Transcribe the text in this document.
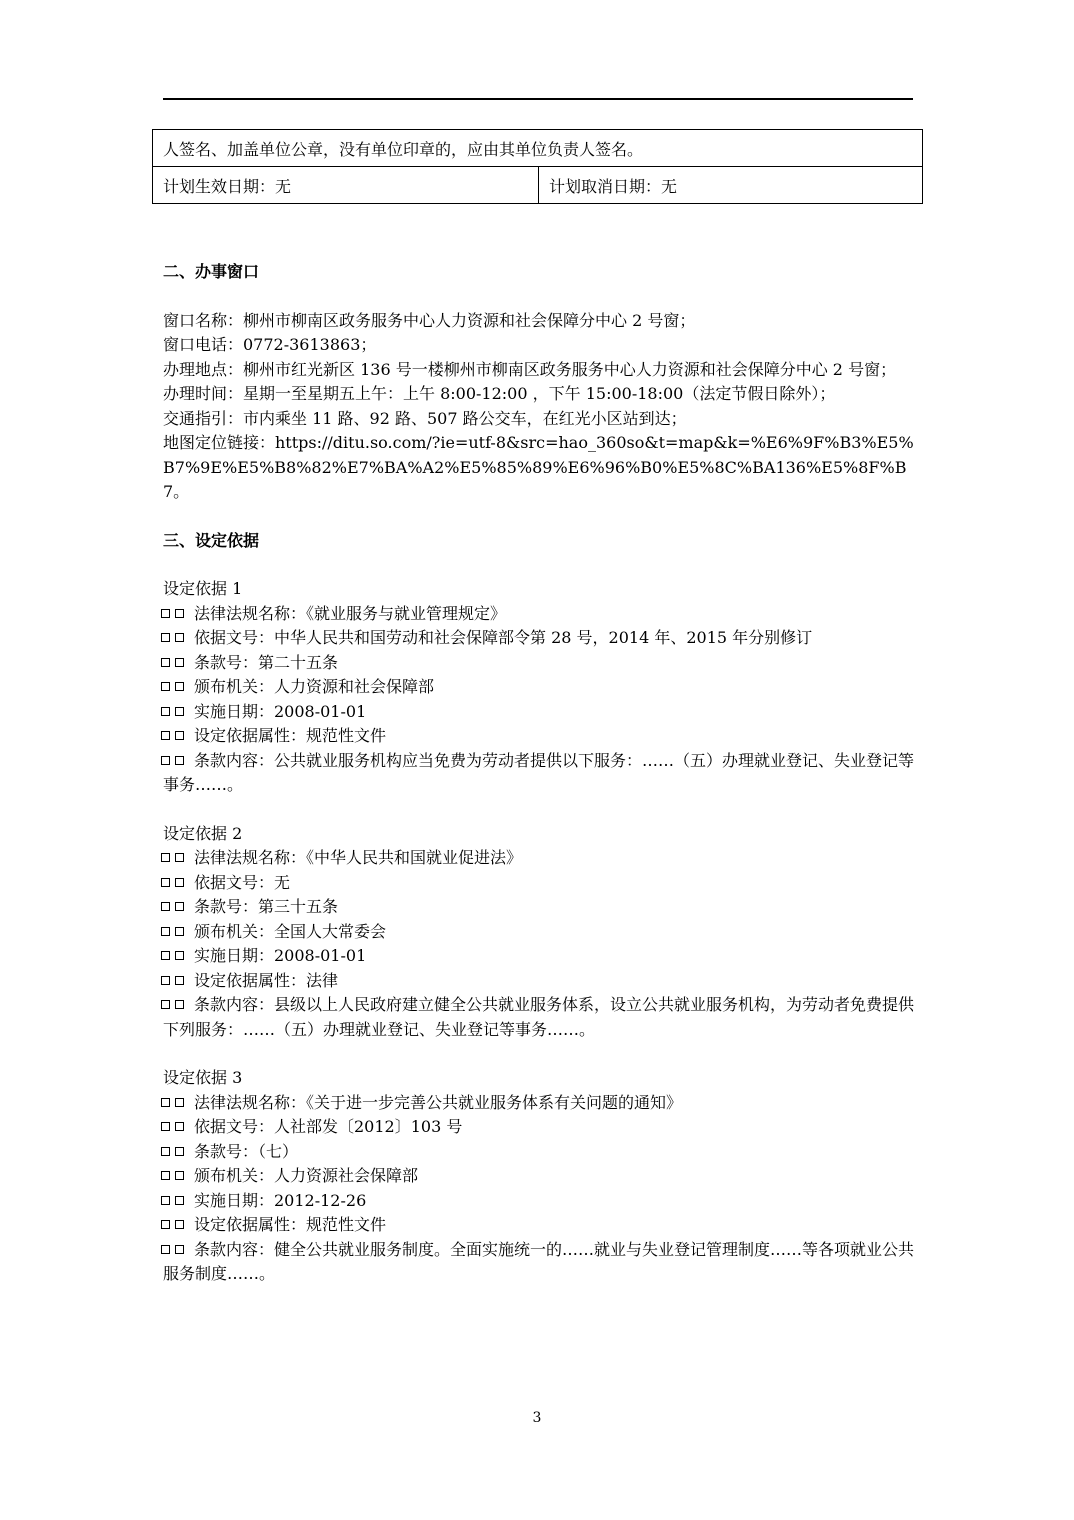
人签名、加盖单位公章，没有单位印章的，应由其单位负责人签名。
计划生效日期：无	计划取消日期：无

二、办事窗口

窗口名称：柳州市柳南区政务服务中心人力资源和社会保障分中心 2 号窗；

窗口电话：0772-3613863；

办理地点：柳州市红光新区 136 号一楼柳州市柳南区政务服务中心人力资源和社会保障分中心 2 号窗；

办理时间：星期一至星期五上午：上午 8:00-12:00 ，下午 15:00-18:00（法定节假日除外）；

交通指引：市内乘坐 11 路、92 路、507 路公交车，在红光小区站到达；

地图定位链接：https://ditu.so.com/?ie=utf-8&src=hao_360so&t=map&k=%E6%9F%B3%E5%B7%9E%E5%B8%82%E7%BA%A2%E5%85%89%E6%96%B0%E5%8C%BA136%E5%8F%B7。

三、设定依据

设定依据 1

法律法规名称：《就业服务与就业管理规定》

依据文号：中华人民共和国劳动和社会保障部令第 28 号，2014 年、2015 年分别修订

条款号：第二十五条

颁布机关：人力资源和社会保障部

实施日期：2008-01-01

设定依据属性：规范性文件

条款内容：公共就业服务机构应当免费为劳动者提供以下服务：……（五）办理就业登记、失业登记等事务……。

设定依据 2

法律法规名称：《中华人民共和国就业促进法》

依据文号：无

条款号：第三十五条

颁布机关：全国人大常委会

实施日期：2008-01-01

设定依据属性：法律

条款内容：县级以上人民政府建立健全公共就业服务体系，设立公共就业服务机构，为劳动者免费提供下列服务：……（五）办理就业登记、失业登记等事务……。

设定依据 3

法律法规名称：《关于进一步完善公共就业服务体系有关问题的通知》

依据文号：人社部发〔2012〕103 号

条款号：（七）

颁布机关：人力资源社会保障部

实施日期：2012-12-26

设定依据属性：规范性文件

条款内容：健全公共就业服务制度。全面实施统一的……就业与失业登记管理制度……等各项就业公共服务制度……。

3
